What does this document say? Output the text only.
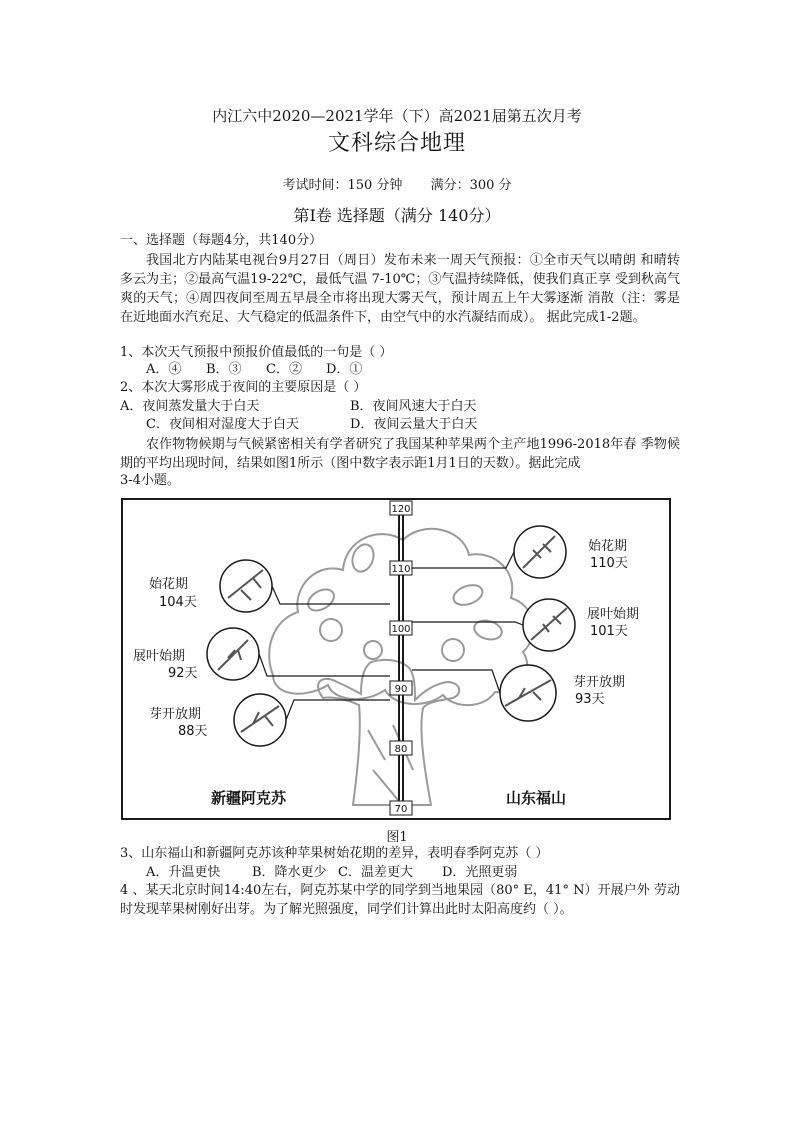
内江六中2020—2021学年（下）高2021届第五次月考
文科综合地理
考试时间：150 分钟 满分：300 分
第Ⅰ卷 选择题（满分 140分）
一、选择题（每题4分，共140分）
我国北方内陆某电视台9月27日（周日）发布未来一周天气预报：①全市天气以晴朗 和晴转多云为主；②最高气温19-22℃，最低气温 7-10℃；③气温持续降低，使我们真正享 受到秋高气爽的天气；④周四夜间至周五早晨全市将出现大雾天气，预计周五上午大雾逐渐 消散（注：雾是在近地面水汽充足、大气稳定的低温条件下，由空气中的水汽凝结而成）。 据此完成1-2题。
1、本次天气预报中预报价值最低的一句是（ ）
A．④ B．③ C．② D．①
2、本次大雾形成于夜间的主要原因是（ ）
A．夜间蒸发量大于白天	B．夜间风速大于白天
C．夜间相对湿度大于白天	D．夜间云量大于白天
农作物物候期与气候紧密相关有学者研究了我国某种苹果两个主产地1996-2018年春 季物候期的平均出现时间，结果如图1所示（图中数字表示距1月1日的天数）。据此完成
3-4小题。
70
80
90
100
110
120
始花期
104天
展叶始期
92天
芽开放期
88天
始花期
110天
展叶始期
101天
芽开放期
93天
新疆阿克苏	山东福山
图1
3、山东福山和新疆阿克苏该种苹果树始花期的差异，表明春季阿克苏（ ）
A．升温更快 B．降水更少 C．温差更大 D．光照更弱
4 、某天北京时间14:40左右，阿克苏某中学的同学到当地果园（80° E，41° N）开展户外 劳动时发现苹果树刚好出芽。为了解光照强度，同学们计算出此时太阳高度约（ ）。
